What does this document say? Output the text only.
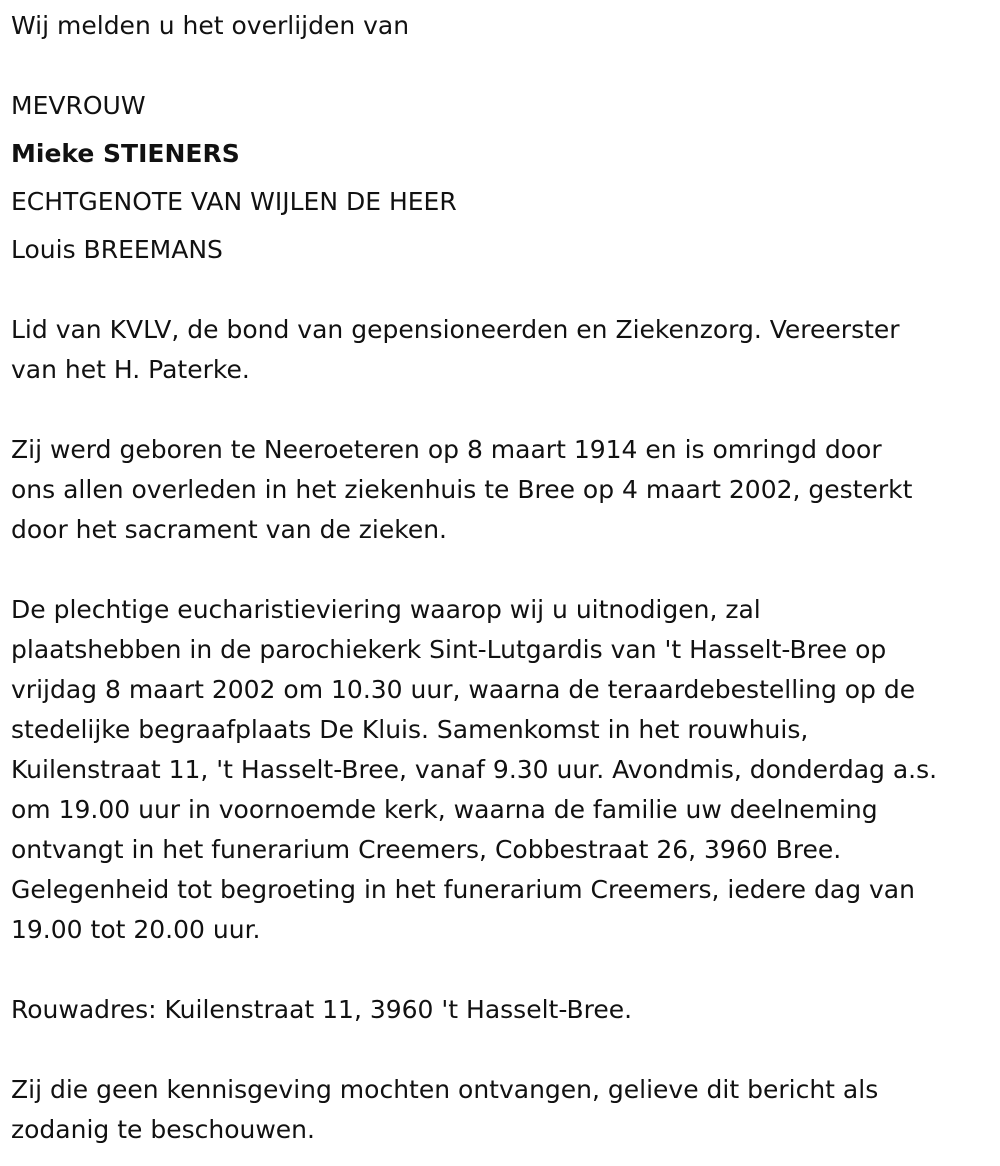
Wij melden u het overlijden van
MEVROUW
Mieke STIENERS
ECHTGENOTE VAN WIJLEN DE HEER
Louis BREEMANS
Lid van KVLV, de bond van gepensioneerden en Ziekenzorg. Vereerster
van het H. Paterke.
Zij werd geboren te Neeroeteren op 8 maart 1914 en is omringd door
ons allen overleden in het ziekenhuis te Bree op 4 maart 2002, gesterkt
door het sacrament van de zieken.
De plechtige eucharistieviering waarop wij u uitnodigen, zal
plaatshebben in de parochiekerk Sint-Lutgardis van 't Hasselt-Bree op
vrijdag 8 maart 2002 om 10.30 uur, waarna de teraardebestelling op de
stedelijke begraafplaats De Kluis. Samenkomst in het rouwhuis,
Kuilenstraat 11, 't Hasselt-Bree, vanaf 9.30 uur. Avondmis, donderdag a.s.
om 19.00 uur in voornoemde kerk, waarna de familie uw deelneming
ontvangt in het funerarium Creemers, Cobbestraat 26, 3960 Bree.
Gelegenheid tot begroeting in het funerarium Creemers, iedere dag van
19.00 tot 20.00 uur.
Rouwadres: Kuilenstraat 11, 3960 't Hasselt-Bree.
Zij die geen kennisgeving mochten ontvangen, gelieve dit bericht als
zodanig te beschouwen.
